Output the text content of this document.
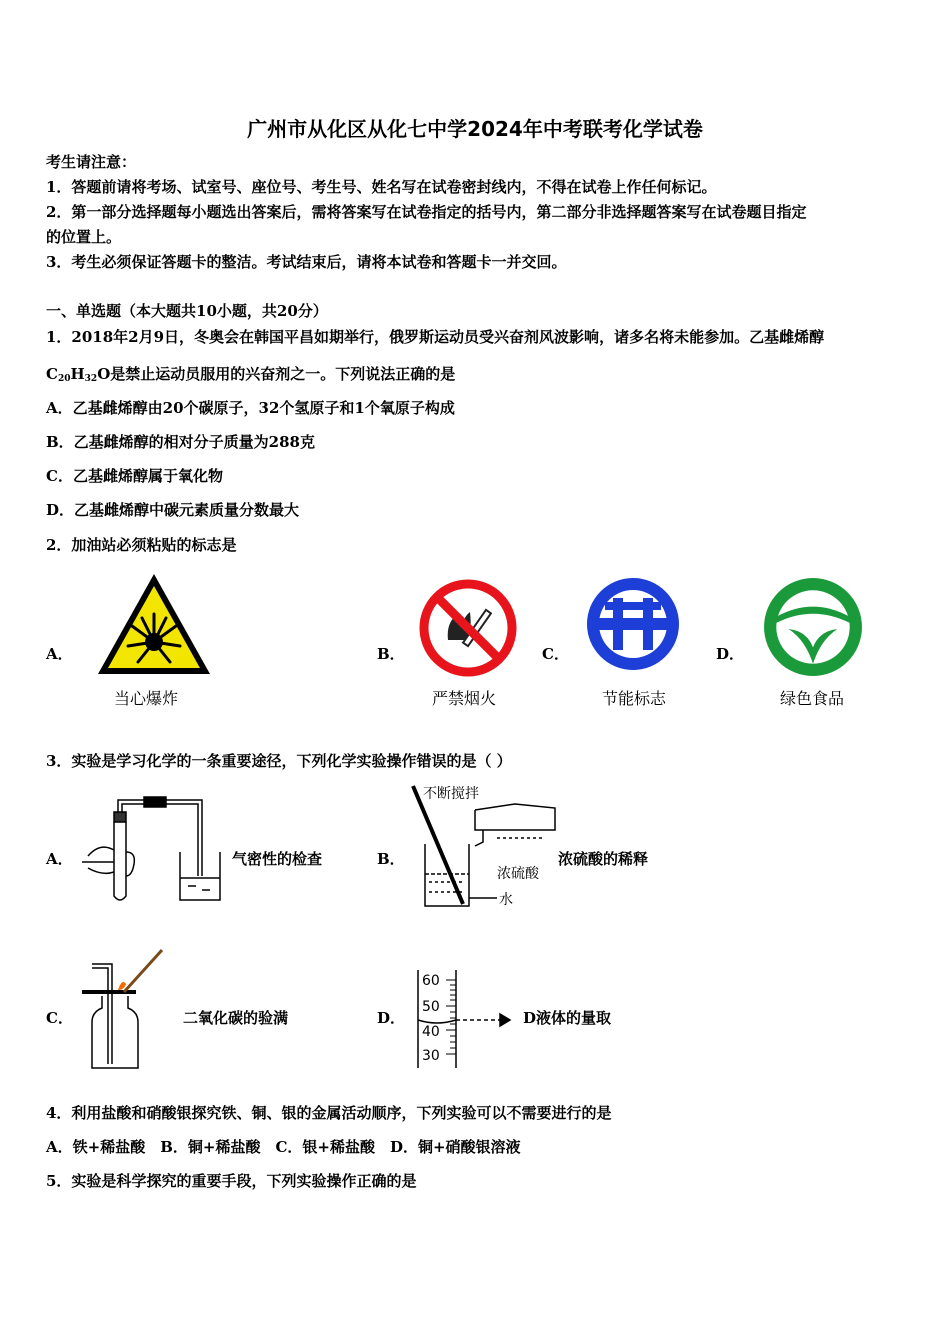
广州市从化区从化七中学2024年中考联考化学试卷
考生请注意：
1．答题前请将考场、试室号、座位号、考生号、姓名写在试卷密封线内，不得在试卷上作任何标记。
2．第一部分选择题每小题选出答案后，需将答案写在试卷指定的括号内，第二部分非选择题答案写在试卷题目指定
的位置上。
3．考生必须保证答题卡的整洁。考试结束后，请将本试卷和答题卡一并交回。
一、单选题（本大题共10小题，共20分）
1．2018年2月9日，冬奥会在韩国平昌如期举行，俄罗斯运动员受兴奋剂风波影响，诸多名将未能参加。乙基雌烯醇
$C_{20}H_{32}O$是禁止运动员服用的兴奋剂之一。下列说法正确的是
A．乙基雌烯醇由20个碳原子，32个氢原子和1个氧原子构成
B．乙基雌烯醇的相对分子质量为288克
C．乙基雌烯醇属于氧化物
D．乙基雌烯醇中碳元素质量分数最大
2．加油站必须粘贴的标志是
A．	B．	C．	D．
当心爆炸	严禁烟火	节能标志	绿色食品
3．实验是学习化学的一条重要途径，下列化学实验操作错误的是（ ）
A．	B．
C．	D．
气密性的检查
不断搅拌
浓硫酸
水
浓硫酸的稀释
二氧化碳的验满
60
50
40
30
D液体的量取
4．利用盐酸和硝酸银探究铁、铜、银的金属活动顺序，下列实验可以不需要进行的是
A．铁+稀盐酸　B．铜+稀盐酸　C．银+稀盐酸　D．铜+硝酸银溶液
5．实验是科学探究的重要手段，下列实验操作正确的是
